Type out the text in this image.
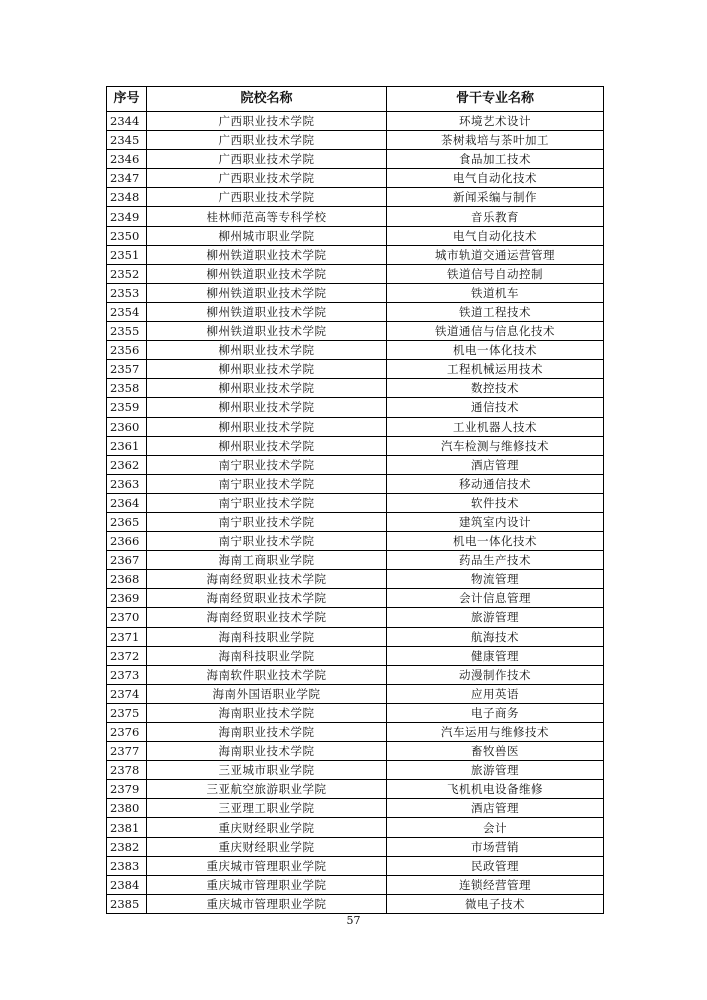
序号	院校名称	骨干专业名称
2344	广西职业技术学院	环境艺术设计
2345	广西职业技术学院	茶树栽培与茶叶加工
2346	广西职业技术学院	食品加工技术
2347	广西职业技术学院	电气自动化技术
2348	广西职业技术学院	新闻采编与制作
2349	桂林师范高等专科学校	音乐教育
2350	柳州城市职业学院	电气自动化技术
2351	柳州铁道职业技术学院	城市轨道交通运营管理
2352	柳州铁道职业技术学院	铁道信号自动控制
2353	柳州铁道职业技术学院	铁道机车
2354	柳州铁道职业技术学院	铁道工程技术
2355	柳州铁道职业技术学院	铁道通信与信息化技术
2356	柳州职业技术学院	机电一体化技术
2357	柳州职业技术学院	工程机械运用技术
2358	柳州职业技术学院	数控技术
2359	柳州职业技术学院	通信技术
2360	柳州职业技术学院	工业机器人技术
2361	柳州职业技术学院	汽车检测与维修技术
2362	南宁职业技术学院	酒店管理
2363	南宁职业技术学院	移动通信技术
2364	南宁职业技术学院	软件技术
2365	南宁职业技术学院	建筑室内设计
2366	南宁职业技术学院	机电一体化技术
2367	海南工商职业学院	药品生产技术
2368	海南经贸职业技术学院	物流管理
2369	海南经贸职业技术学院	会计信息管理
2370	海南经贸职业技术学院	旅游管理
2371	海南科技职业学院	航海技术
2372	海南科技职业学院	健康管理
2373	海南软件职业技术学院	动漫制作技术
2374	海南外国语职业学院	应用英语
2375	海南职业技术学院	电子商务
2376	海南职业技术学院	汽车运用与维修技术
2377	海南职业技术学院	畜牧兽医
2378	三亚城市职业学院	旅游管理
2379	三亚航空旅游职业学院	飞机机电设备维修
2380	三亚理工职业学院	酒店管理
2381	重庆财经职业学院	会计
2382	重庆财经职业学院	市场营销
2383	重庆城市管理职业学院	民政管理
2384	重庆城市管理职业学院	连锁经营管理
2385	重庆城市管理职业学院	微电子技术
57
